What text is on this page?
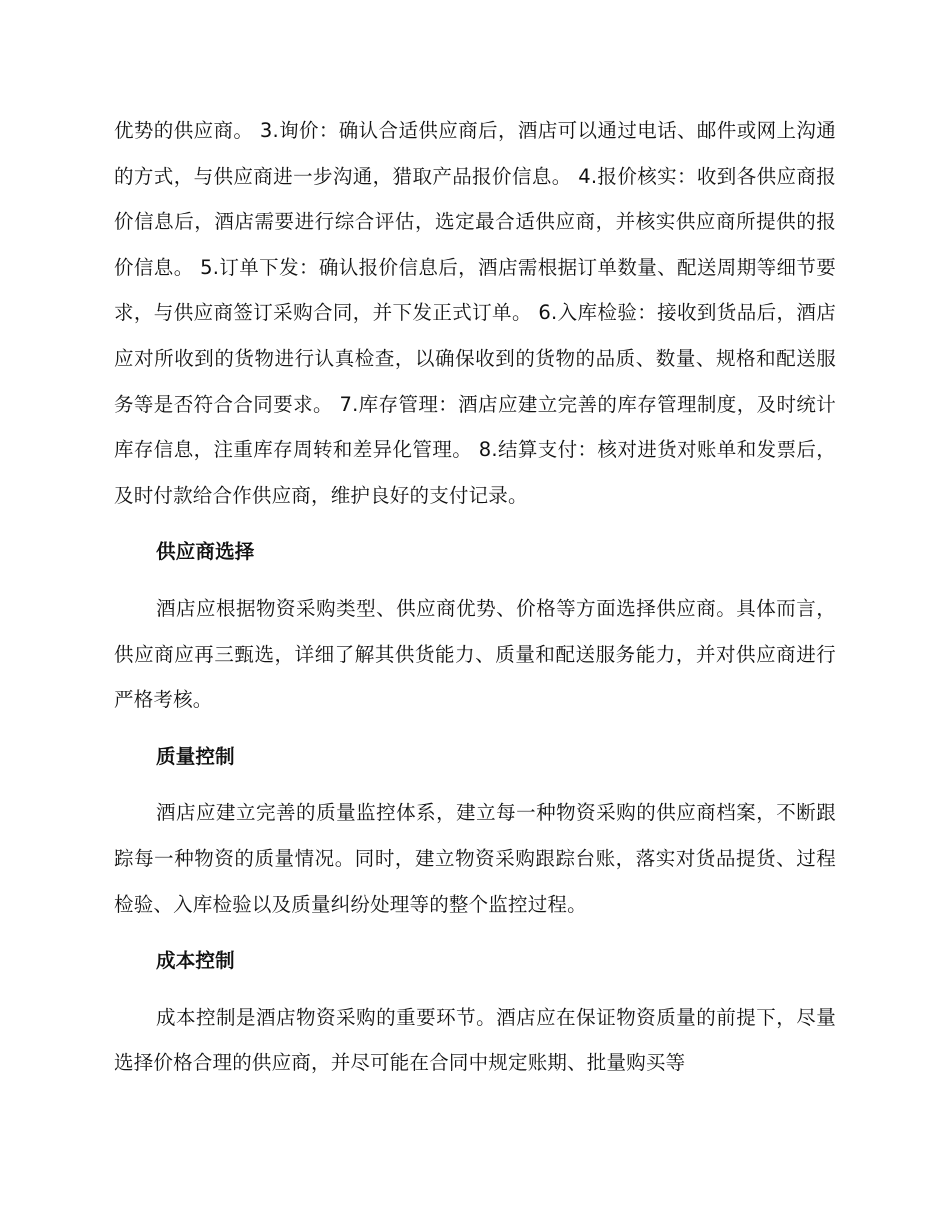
优势的供应商。 3.询价：确认合适供应商后，酒店可以通过电话、邮件或网上沟通的方式，与供应商进一步沟通，猎取产品报价信息。 4.报价核实：收到各供应商报价信息后，酒店需要进行综合评估，选定最合适供应商，并核实供应商所提供的报价信息。 5.订单下发：确认报价信息后，酒店需根据订单数量、配送周期等细节要求，与供应商签订采购合同，并下发正式订单。 6.入库检验：接收到货品后，酒店应对所收到的货物进行认真检查，以确保收到的货物的品质、数量、规格和配送服务等是否符合合同要求。 7.库存管理：酒店应建立完善的库存管理制度，及时统计库存信息，注重库存周转和差异化管理。 8.结算支付：核对进货对账单和发票后，及时付款给合作供应商，维护良好的支付记录。

供应商选择

酒店应根据物资采购类型、供应商优势、价格等方面选择供应商。具体而言，供应商应再三甄选，详细了解其供货能力、质量和配送服务能力，并对供应商进行严格考核。

质量控制

酒店应建立完善的质量监控体系，建立每一种物资采购的供应商档案，不断跟踪每一种物资的质量情况。同时，建立物资采购跟踪台账，落实对货品提货、过程检验、入库检验以及质量纠纷处理等的整个监控过程。

成本控制

成本控制是酒店物资采购的重要环节。酒店应在保证物资质量的前提下，尽量选择价格合理的供应商，并尽可能在合同中规定账期、批量购买等
